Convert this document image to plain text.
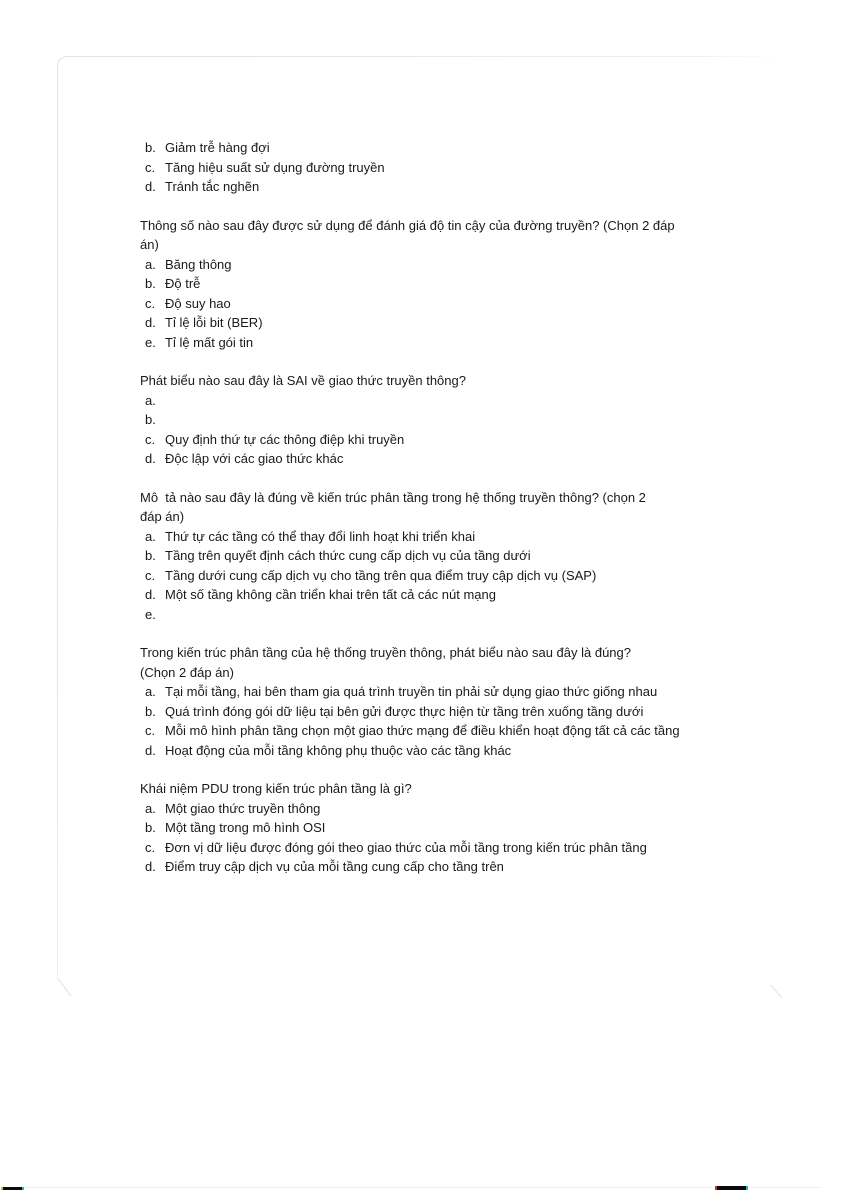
b. Giảm trễ hàng đợi
c. Tăng hiệu suất sử dụng đường truyền
d. Tránh tắc nghẽn
Thông số nào sau đây được sử dụng để đánh giá độ tin cậy của đường truyền? (Chọn 2 đáp
án)
a. Băng thông
b. Độ trễ
c. Độ suy hao
d. Tỉ lệ lỗi bit (BER)
e. Tỉ lệ mất gói tin
Phát biểu nào sau đây là SAI về giao thức truyền thông?
a.
b.
c. Quy định thứ tự các thông điệp khi truyền
d. Độc lập với các giao thức khác
Mô  tả nào sau đây là đúng về kiến trúc phân tầng trong hệ thống truyền thông? (chọn 2
đáp án)
a. Thứ tự các tầng có thể thay đổi linh hoạt khi triển khai
b. Tầng trên quyết định cách thức cung cấp dịch vụ của tầng dưới
c. Tầng dưới cung cấp dịch vụ cho tầng trên qua điểm truy cập dịch vụ (SAP)
d. Một số tầng không cần triển khai trên tất cả các nút mạng
e.
Trong kiến trúc phân tầng của hệ thống truyền thông, phát biểu nào sau đây là đúng?
(Chọn 2 đáp án)
a. Tại mỗi tầng, hai bên tham gia quá trình truyền tin phải sử dụng giao thức giống nhau
b. Quá trình đóng gói dữ liệu tại bên gửi được thực hiện từ tầng trên xuống tầng dưới
c. Mỗi mô hình phân tầng chọn một giao thức mạng để điều khiển hoạt động tất cả các tầng
d. Hoạt động của mỗi tầng không phụ thuộc vào các tầng khác
Khái niệm PDU trong kiến trúc phân tầng là gì?
a. Một giao thức truyền thông
b. Một tầng trong mô hình OSI
c. Đơn vị dữ liệu được đóng gói theo giao thức của mỗi tầng trong kiến trúc phân tầng
d. Điểm truy cập dịch vụ của mỗi tầng cung cấp cho tầng trên
